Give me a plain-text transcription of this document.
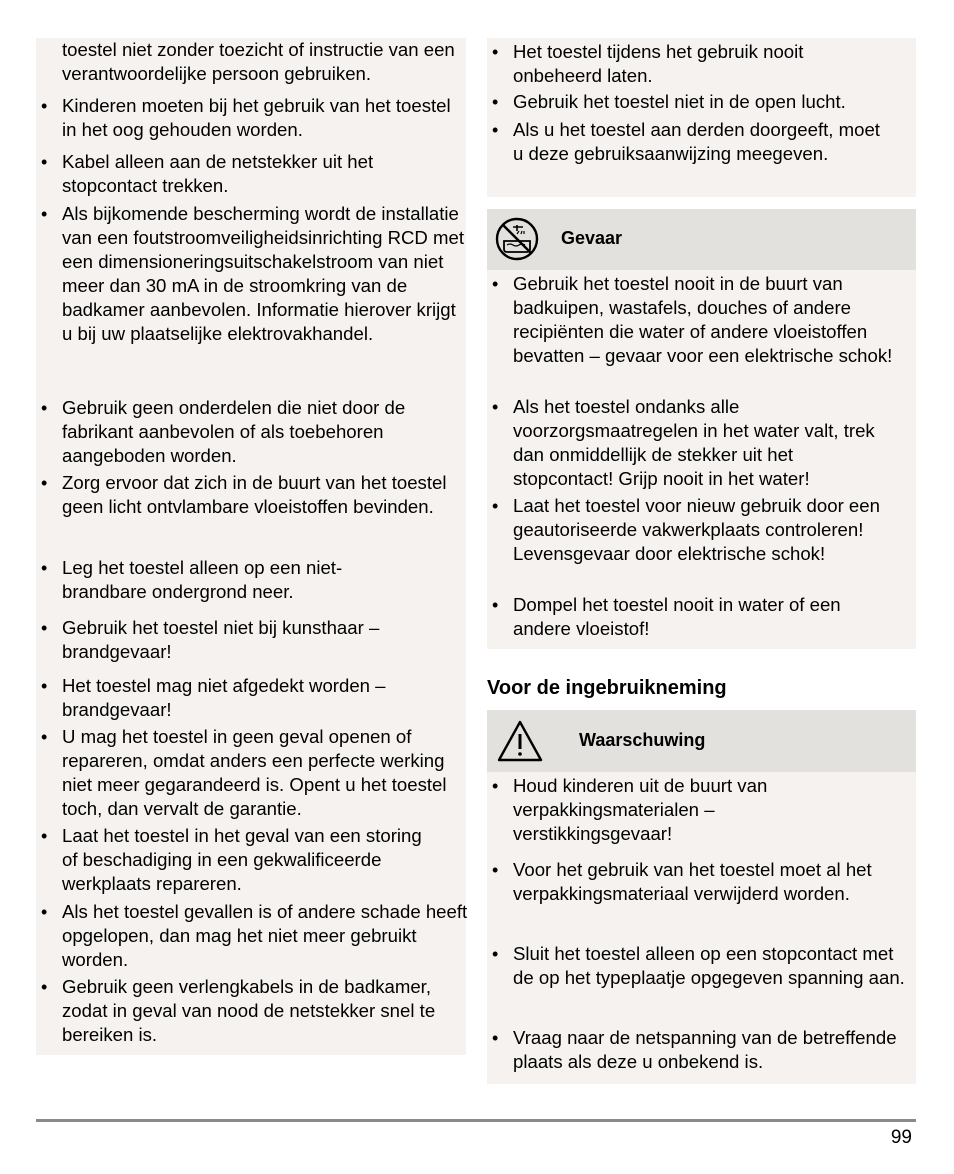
toestel niet zonder toezicht of instructie van een verantwoordelijke persoon gebruiken.

• Kinderen moeten bij het gebruik van het toestel in het oog gehouden worden.
• Kabel alleen aan de netstekker uit het stopcontact trekken.
• Als bijkomende bescherming wordt de installatie van een foutstroomveiligheidsinrichting RCD met een dimensioneringsuitschakelstroom van niet meer dan 30 mA in de stroomkring van de badkamer aanbevolen. Informatie hierover krijgt u bij uw plaatselijke elektrovakhandel.
• Gebruik geen onderdelen die niet door de fabrikant aanbevolen of als toebehoren aangeboden worden.
• Zorg ervoor dat zich in de buurt van het toestel geen licht ontvlambare vloeistoffen bevinden.
• Leg het toestel alleen op een niet-brandbare ondergrond neer.
• Gebruik het toestel niet bij kunsthaar – brandgevaar!
• Het toestel mag niet afgedekt worden – brandgevaar!
• U mag het toestel in geen geval openen of repareren, omdat anders een perfecte werking niet meer gegarandeerd is. Opent u het toestel toch, dan vervalt de garantie.
• Laat het toestel in het geval van een storing of beschadiging in een gekwalificeerde werkplaats repareren.
• Als het toestel gevallen is of andere schade heeft opgelopen, dan mag het niet meer gebruikt worden.
• Gebruik geen verlengkabels in de badkamer, zodat in geval van nood de netstekker snel te bereiken is.
• Het toestel tijdens het gebruik nooit onbeheerd laten.
• Gebruik het toestel niet in de open lucht.
• Als u het toestel aan derden doorgeeft, moet u deze gebruiksaanwijzing meegeven.
Gevaar
• Gebruik het toestel nooit in de buurt van badkuipen, wastafels, douches of andere recipiënten die water of andere vloeistoffen bevatten – gevaar voor een elektrische schok!
• Als het toestel ondanks alle voorzorgsmaatregelen in het water valt, trek dan onmiddellijk de stekker uit het stopcontact! Grijp nooit in het water!
• Laat het toestel voor nieuw gebruik door een geautoriseerde vakwerkplaats controleren! Levensgevaar door elektrische schok!
• Dompel het toestel nooit in water of een andere vloeistof!
Voor de ingebruikneming
Waarschuwing
• Houd kinderen uit de buurt van verpakkingsmaterialen – verstikkingsgevaar!
• Voor het gebruik van het toestel moet al het verpakkingsmateriaal verwijderd worden.
• Sluit het toestel alleen op een stopcontact met de op het typeplaatje opgegeven spanning aan.
• Vraag naar de netspanning van de betreffende plaats als deze u onbekend is.
99
